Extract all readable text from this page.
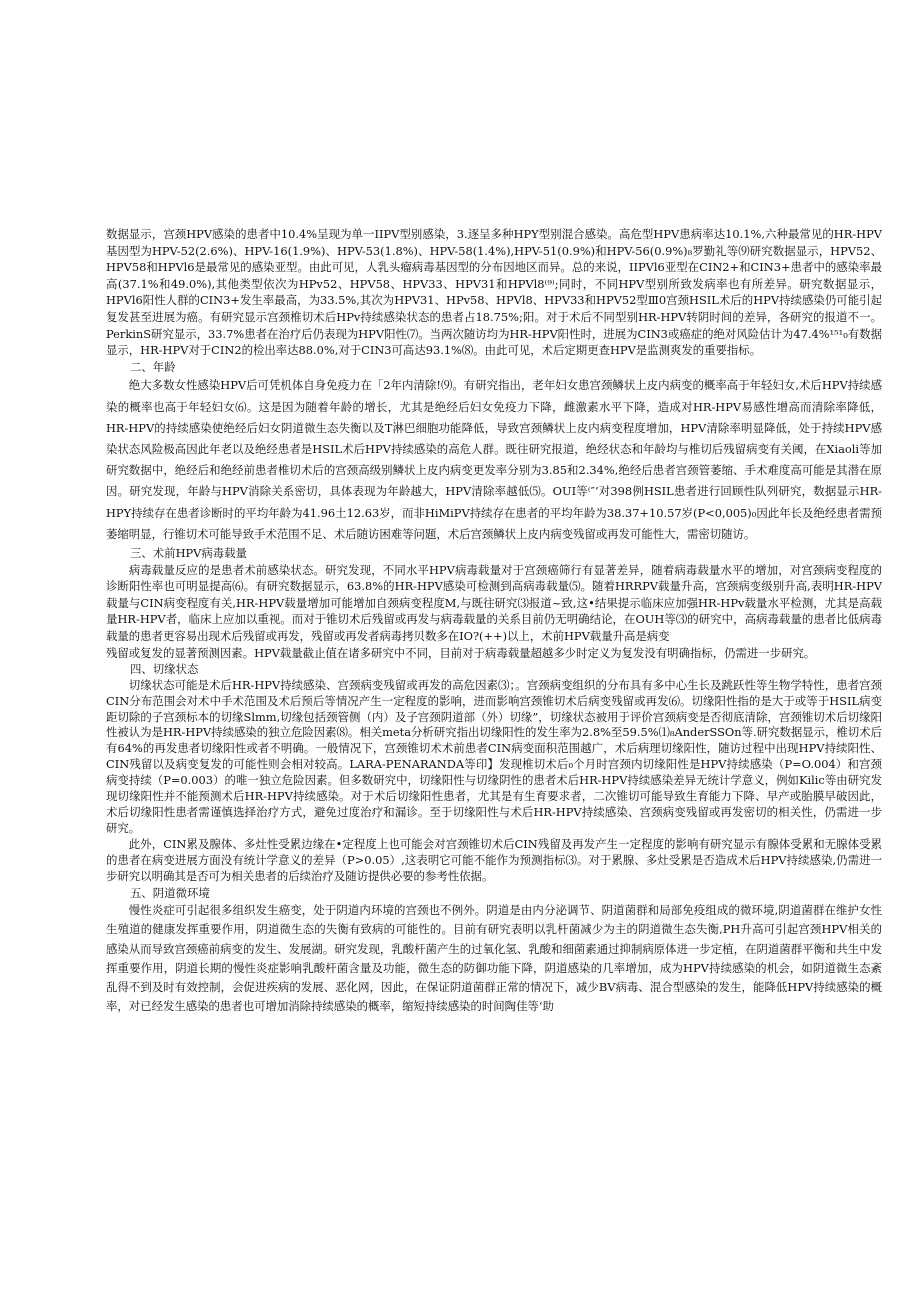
数据显示，宫颈HPV感染的患者中10.4%呈现为单一IIPV型别感染，3.逐呈多种HPY型别混合感染。高危型HPV患病率达10.1%,六种最常见的HR-HPV基因型为HPV-52(2.6%)、HPV-16(1.9%)、HPV-53(1.8%)、HPV-58(1.4%),HPV-51(0.9%)和HPV-56(0.9%)₈罗勤礼等⑼研究数据显示，HPV52、HPV58和HPVl6是最常见的感染亚型。由此可见，人乳头瘤病毒基因型的分布因地区而异。总的来说，IIPVl6亚型在CIN2+和CIN3+患者中的感染率最高(37.1%和49.0%),其他类型依次为HPv52、HPV58、HPV33、HPV31和HPVl8⁽⁹⁾;同时，不同HPV型别所致发病率也有所差异。研究数据显示，HPVl6阳性人群的CIN3+发生率最高，为33.5%,其次为HPV31、HPv58、HPVl8、HPV33和HPV52型Ⅲ0宫颈HSIL术后的HPV持续感染仍可能引起复发甚至进展为癌。有研究显示宫颈椎切术后HPv持续感染状态的患者占18.75%;阳。对于术后不同型别HR-HPV转阴时间的差异，各研究的报道不一。PerkinS研究显示，33.7%患者在治疗后仍表现为HPV阳性⑺。当两次随访均为HR-HPV阳性时，进展为CIN3或癌症的绝对风险估计为47.4%¹⁵¹₀有数据显示，HR-HPV对于CIN2的检出率达88.0%,对于CIN3可高达93.1%⑻。由此可见，术后定期更查HPV是监测爽发的重要指标。

二、年龄

绝大多数女性感染HPV后可凭机体自身免疫力在「2年内清除!⑼。有研究指出，老年妇女患宫颈鳞状上皮内病变的概率高于年轻妇女,术后HPV持续感染的概率也高于年轻妇女⑹。这是因为随着年龄的增长，尤其是绝经后妇女免疫力下降，雌激素水平下降，造成对HR-HPV易感性增高而清除率降低，HR-HPV的持续感染使绝经后妇女阴道微生态失衡以及T淋巴细胞功能降低，导致宫颈鳞状上皮内病变程度增加，HPV清除率明显降低，处于持续HPV感染状态风险极高因此年老以及绝经患者是HSIL术后HPV持续感染的高危人群。既往研究报道，绝经状态和年龄均与椎切后残留病变有关阈，在Xiaoli等加研究数据中，绝经后和绝经前患者椎切术后的宫颈高级别鳞状上皮内病变更发率分别为3.85和2.34%,绝经后患者宫颈管萎缩、手术难度高可能是其潜在原因。研究发现，年龄与HPV消除关系密切，具体表现为年龄越大，HPV清除率越低⑸。OUI等⁽″’对398例HSIL患者进行回顾性队列研究，数据显示HR-HPY持续存在患者诊断时的平均年龄为41.96土12.63岁，而非HiMiPV持续存在患者的平均年龄为38.37+10.57岁(P<0,005)₀因此年长及绝经患者需预萎缩明显，行锥切术可能导致手术范围不足、术后随访困难等问题，术后宫颈鳞状上皮内病变残留或再发可能性大，需密切随访。

三、术前HPV病毒载量

病毒载量反应的是患者术前感染状态。研究发现，不同水平HPV病毒载量对于宫颈癌筛行有显著差异，随着病毒载量水平的增加，对宫颈病变程度的诊断阳性率也可明显提高⑹。有研究数据显示，63.8%的HR-HPV感染可检测到高病毒载量⑸。随着HRRPV载量升高，宫颈病变级别升高,表明HR-HPV载量与CIN病变程度有关,HR-HPV载量增加可能增加自颈病变程度M,与既往研究⑶报道~致,这•结果提示临床应加强HR-HPv载量水平检测，尤其是高载量HR-HPV者，临床上应加以重视。而对于锥切术后残留或再发与病毒载量的关系目前仍无明确结论，在OUH等⑶的研究中，高病毒载量的患者比低病毒载量的患者更容易出现术后残留或再发，残留或再发者病毒拷贝数多在IO?(++)以上，术前HPV载量升高是病变

残留或复发的显著预测因素。HPV载量截止值在诸多研究中不同，目前对于病毒载量超越多少时定义为复发没有明确指标，仍需进一步研究。

四、切缘状态

切缘状态可能是术后HR-HPV持续感染、宫颈病变残留或再发的高危因素⑶；。宫颈病变组织的分布具有多中心生长及跳跃性等生物学特性，患者宫颈CIN分布范围会对术中手术范围及术后预后等情况产生一定程度的影响，进而影响宫颈锥切术后病变残留或再发⑹。切缘阳性指的是大于或等于HSIL病变距切除的子宫颈标本的切缘Slmm,切缘包括颈管侧（内）及子宫颈阴道部（外）切缘”，切缘状态被用于评价宫颈病变是否彻底清除，宫颈锥切术后切缘阳性被认为是HR-HPV持续感染的独立危险因素⑻。相关meta分析研究指出切缘阳性的发生率为2.8%至59.5%⑴₈AnderSSOn等.研究数据显示，椎切术后有64%的再发患者切缘阳性或者不明确。一般情况下，宫颈锥切术术前患者CIN病变面积范围越广，术后病理切缘阳性，随访过程中出现HPV持续阳性、CIN残留以及病变复发的可能性则会相对较高。LARA-PENARANDA等印】发现椎切术后₀个月时宫颈内切缘阳性是HPV持续感染（P=O.004）和宫颈病变持续（P=0.003）的唯一独立危险因素。但多数研究中，切缘阳性与切缘阴性的患者术后HR-HPV持续感染差异无统计学意义，例如Kilic等由研究发现切缘阳性并不能预测术后HR-HPV持续感染。对于术后切缘阳性患者，尤其是有生育要求者，二次锥切可能导致生育能力下降、早产或胎膜早破因此，术后切缘阳性患者需谨慎选择治疗方式，避免过度治疗和漏诊。至于切缘阳性与术后HR-HPV持续感染、宫颈病变残留或再发密切的相关性，仍需进一步研究。

此外，CIN累及腺体、多灶性受累边缘在•定程度上也可能会对宫颈锥切术后CIN残留及再发产生一定程度的影响有研究显示有腺体受累和无腺体受累的患者在病变进展方面没有统计学意义的差异（P>0.05）,这表明它可能不能作为预测指标⑶。对于累腺、多灶受累是否造成术后HPV持续感染,仍需进一步研究以明确其是否可为相关患者的后续治疗及随访提供必要的参考性依据。

五、阴道微环境

慢性炎症可引起很多组织发生癌变，处于阴道内环境的宫颈也不例外。阴道是由内分泌调节、阴道菌群和局部免疫组成的微环境,阴道菌群在维护女性生殖道的健康发挥重要作用，阴道微生态的失衡有致病的可能性的。目前有研究表明以乳杆菌减少为主的阴道微生态失衡,PH升高可引起宫颈HPV相关的感染从而导致宫颈癌前病变的发生、发展湖。研究发现，乳酸杆菌产生的过氧化氢、乳酸和细菌素通过抑制病原体进一步定植，在阴道菌群平衡和共生中发挥重要作用，阴道长期的慢性炎症影响乳酸杆菌含量及功能，微生态的防御功能下降，阴道感染的几率增加，成为HPV持续感染的机会，如阴道微生态紊乱得不到及时有效控制，会促进疾病的发展、恶化网，因此，在保证阴道菌群正常的情况下，减少BV病毒、混合型感染的发生，能降低HPV持续感染的概率，对已经发生感染的患者也可增加消除持续感染的概率，缩短持续感染的时间陶佳等‘助
